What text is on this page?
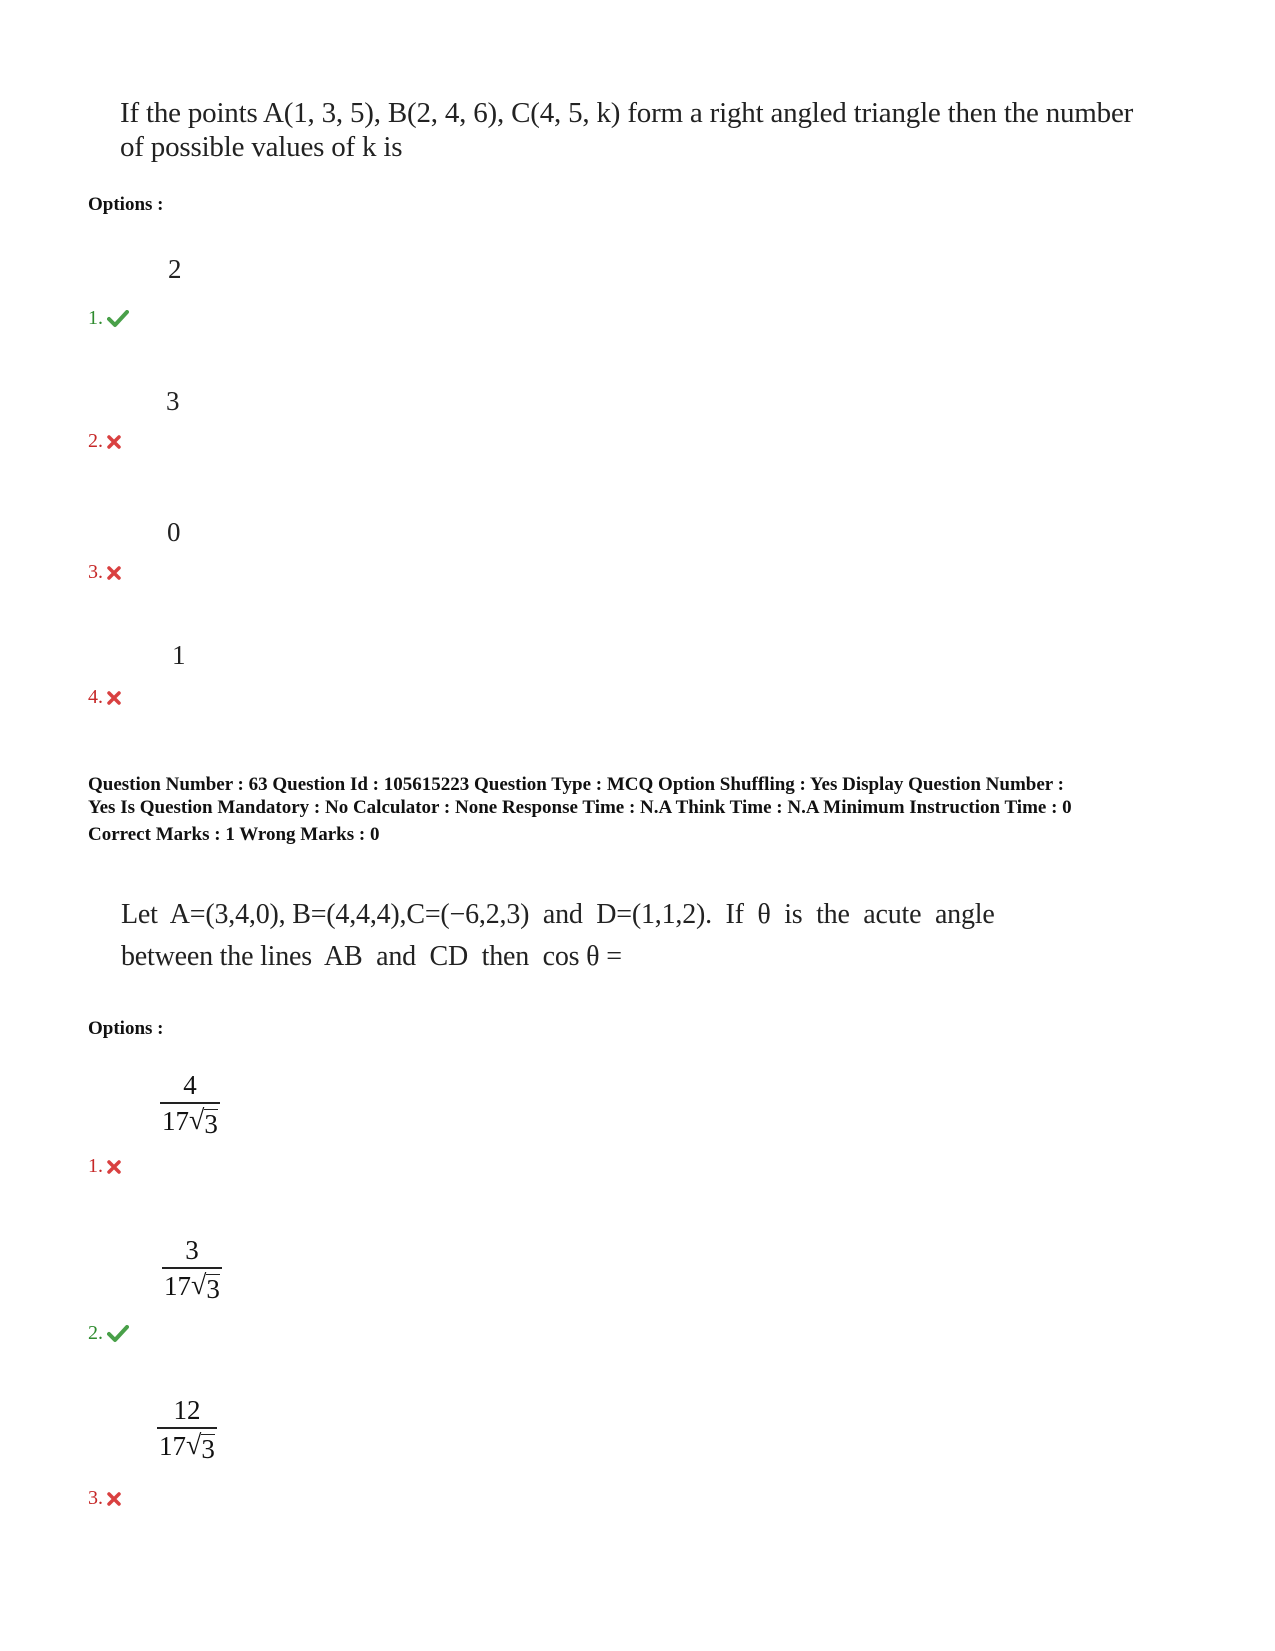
If the points A(1, 3, 5), B(2, 4, 6), C(4, 5, k) form a right angled triangle then the number
of possible values of k is
Options :
2
1.
3
2.
0
3.
1
4.
Question Number : 63 Question Id : 105615223 Question Type : MCQ Option Shuffling : Yes Display Question Number :
Yes Is Question Mandatory : No Calculator : None Response Time : N.A Think Time : N.A Minimum Instruction Time : 0
Correct Marks : 1 Wrong Marks : 0
Let  A=(3,4,0), B=(4,4,4),C=(−6,2,3)  and  D=(1,1,2).  If  θ  is  the  acute  angle
between the lines  AB  and  CD  then  cos θ =
Options :
$\frac{4}{17 √ 3}$
1.
$\frac{3}{17 √ 3}$
2.
$\frac{12}{17 √ 3}$
3.
